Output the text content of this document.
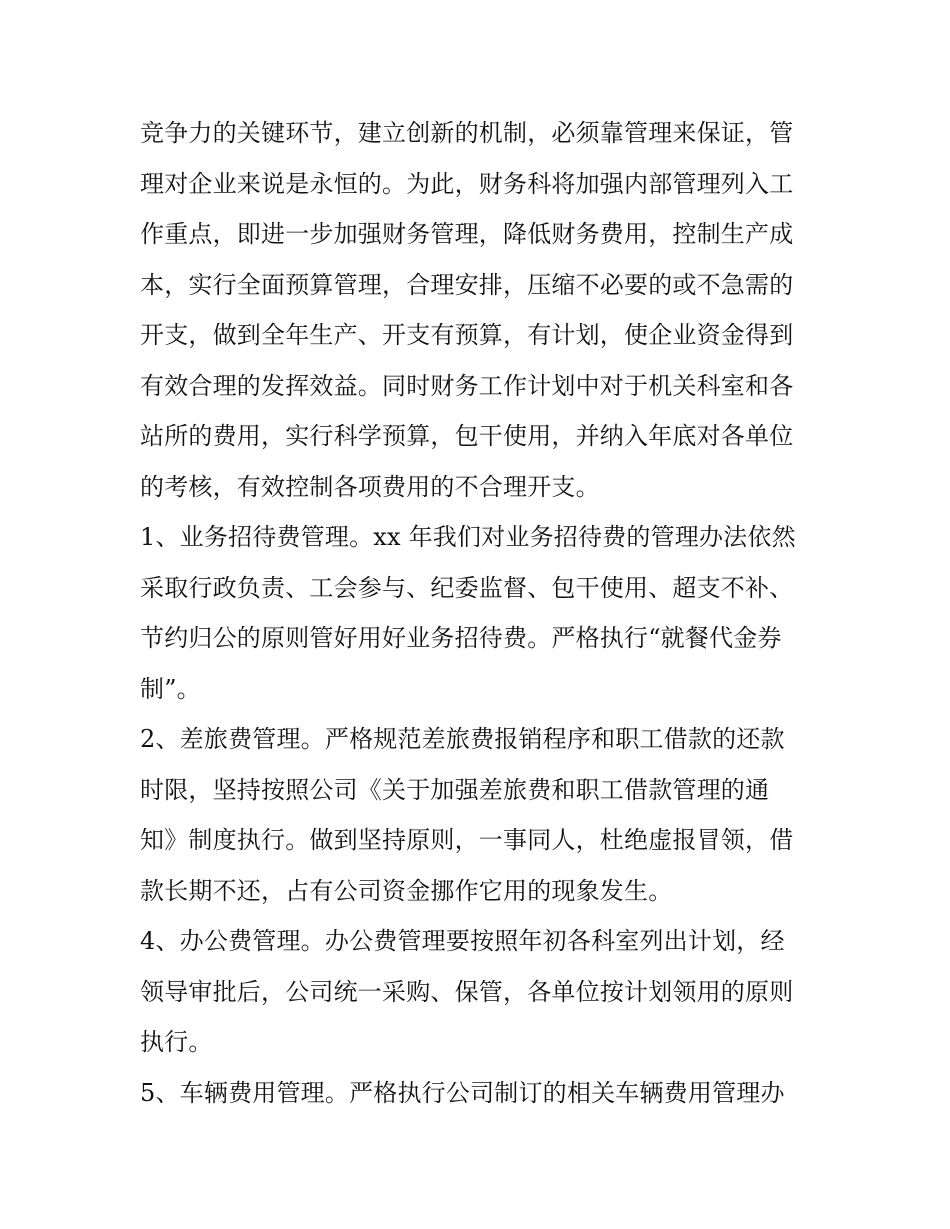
竞争力的关键环节，建立创新的机制，必须靠管理来保证，管
理对企业来说是永恒的。为此，财务科将加强内部管理列入工
作重点，即进一步加强财务管理，降低财务费用，控制生产成
本，实行全面预算管理，合理安排，压缩不必要的或不急需的
开支，做到全年生产、开支有预算，有计划，使企业资金得到
有效合理的发挥效益。同时财务工作计划中对于机关科室和各
站所的费用，实行科学预算，包干使用，并纳入年底对各单位
的考核，有效控制各项费用的不合理开支。
1、业务招待费管理。xx 年我们对业务招待费的管理办法依然
采取行政负责、工会参与、纪委监督、包干使用、超支不补、
节约归公的原则管好用好业务招待费。严格执行“就餐代金券
制”。
2、差旅费管理。严格规范差旅费报销程序和职工借款的还款
时限，坚持按照公司《关于加强差旅费和职工借款管理的通
知》制度执行。做到坚持原则，一事同人，杜绝虚报冒领，借
款长期不还，占有公司资金挪作它用的现象发生。
4、办公费管理。办公费管理要按照年初各科室列出计划，经
领导审批后，公司统一采购、保管，各单位按计划领用的原则
执行。
5、车辆费用管理。严格执行公司制订的相关车辆费用管理办
